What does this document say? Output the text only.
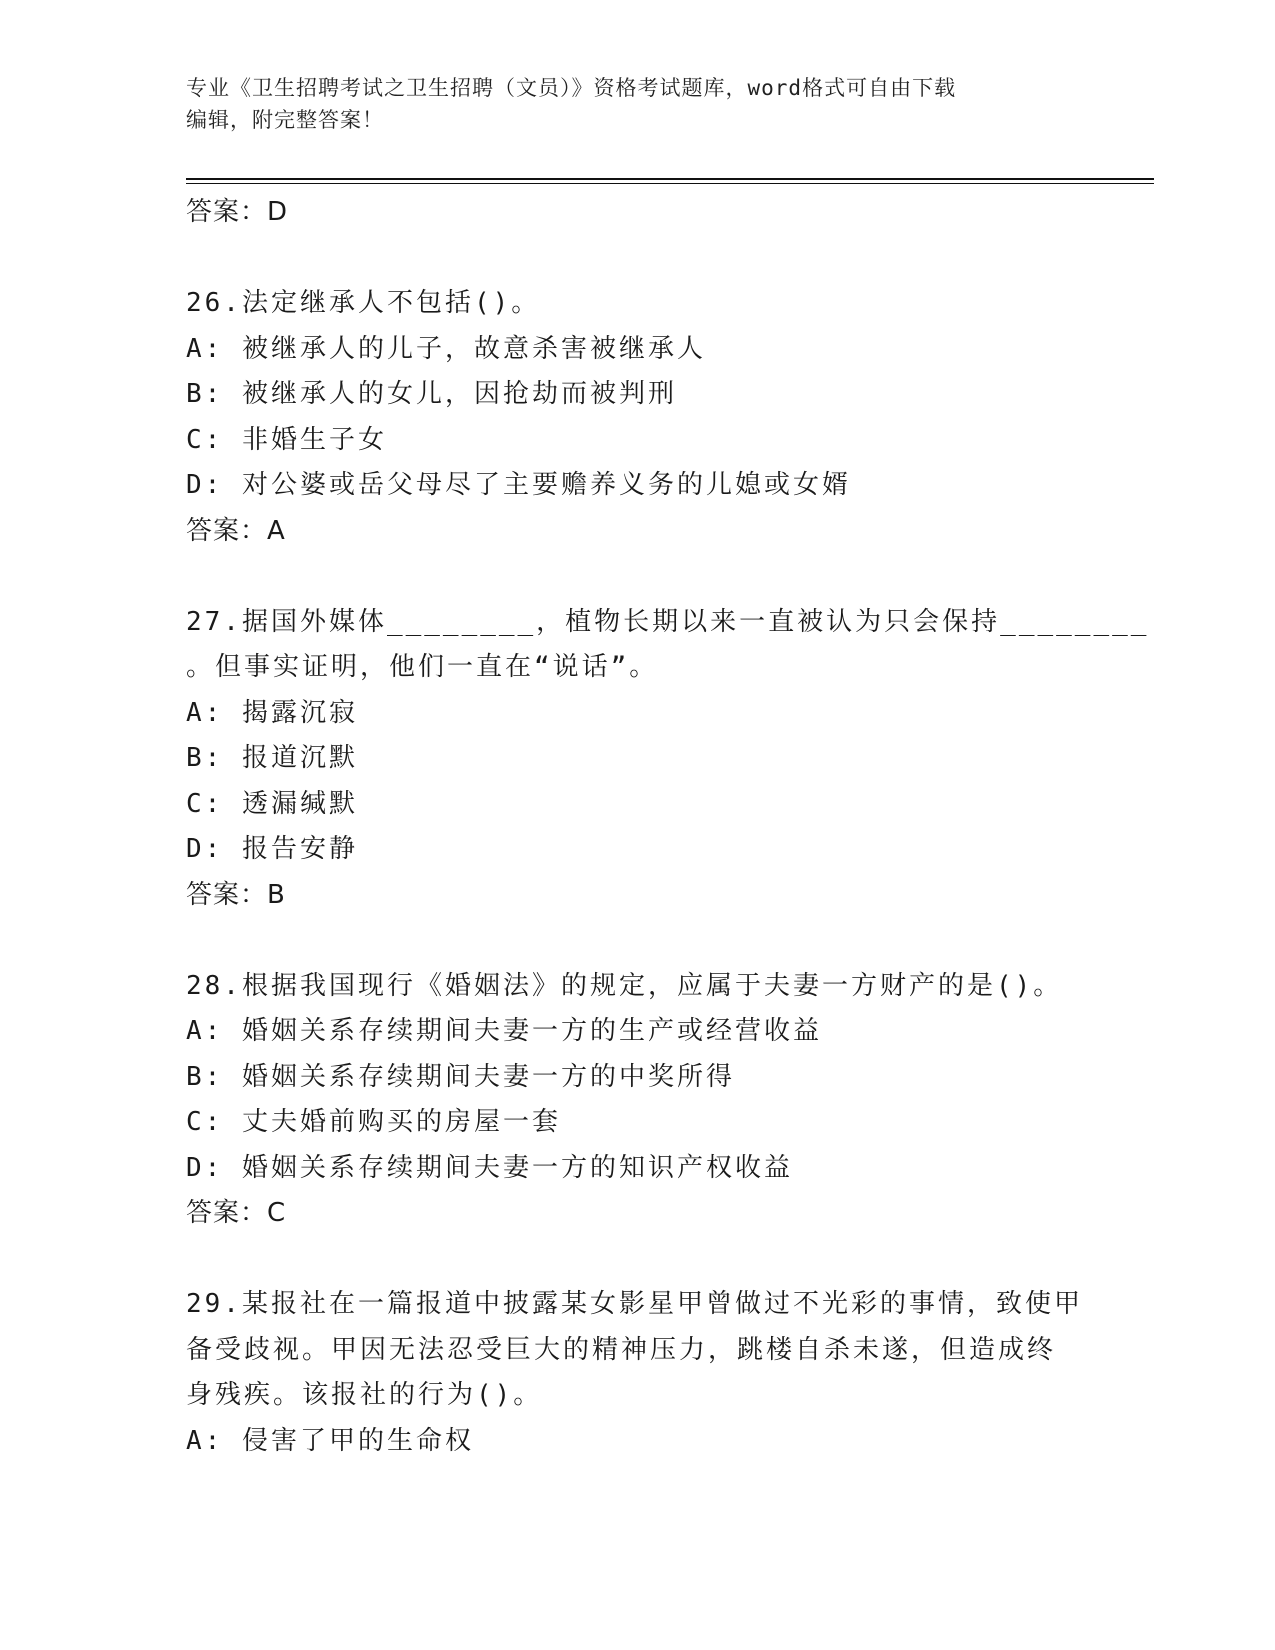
专业《卫生招聘考试之卫生招聘（文员）》资格考试题库，word格式可自由下载
编辑，附完整答案！
答案：D
26.法定继承人不包括()。
A: 被继承人的儿子，故意杀害被继承人
B: 被继承人的女儿，因抢劫而被判刑
C: 非婚生子女
D: 对公婆或岳父母尽了主要赡养义务的儿媳或女婿
答案：A
27.据国外媒体________，植物长期以来一直被认为只会保持________
。但事实证明，他们一直在“说话”。
A: 揭露沉寂
B: 报道沉默
C: 透漏缄默
D: 报告安静
答案：B
28.根据我国现行《婚姻法》的规定，应属于夫妻一方财产的是()。
A: 婚姻关系存续期间夫妻一方的生产或经营收益
B: 婚姻关系存续期间夫妻一方的中奖所得
C: 丈夫婚前购买的房屋一套
D: 婚姻关系存续期间夫妻一方的知识产权收益
答案：C
29.某报社在一篇报道中披露某女影星甲曾做过不光彩的事情，致使甲
备受歧视。甲因无法忍受巨大的精神压力，跳楼自杀未遂，但造成终
身残疾。该报社的行为()。
A: 侵害了甲的生命权
